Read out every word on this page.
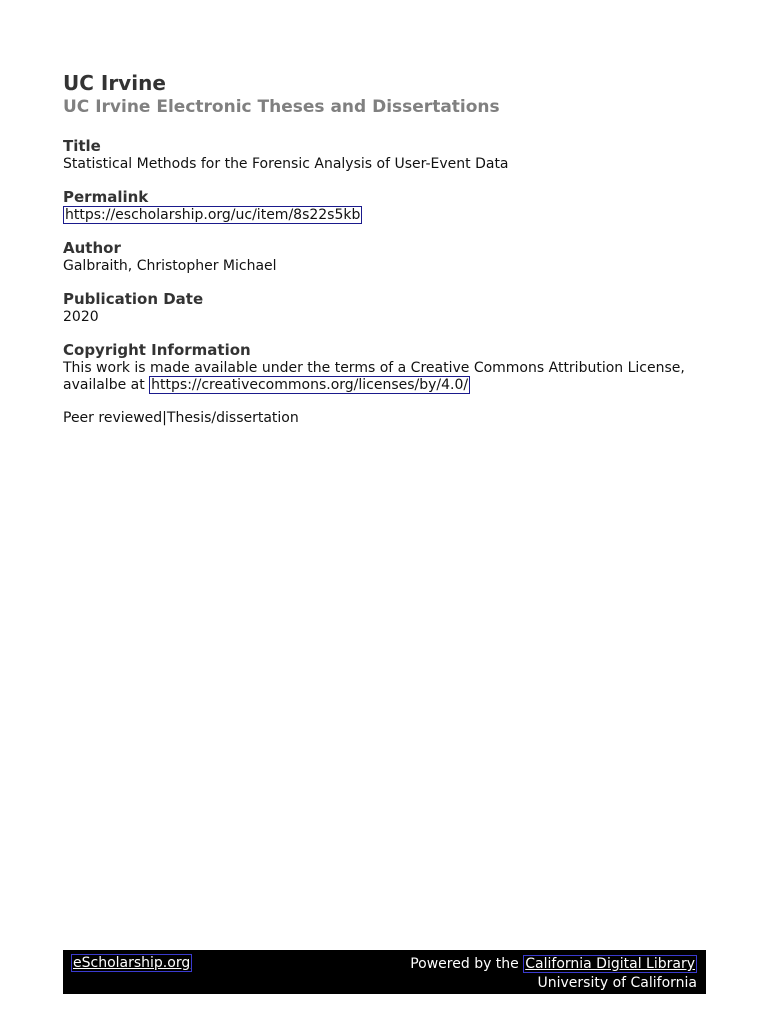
UC Irvine
UC Irvine Electronic Theses and Dissertations
Title
Statistical Methods for the Forensic Analysis of User-Event Data
Permalink
https://escholarship.org/uc/item/8s22s5kb
Author
Galbraith, Christopher Michael
Publication Date
2020
Copyright Information
This work is made available under the terms of a Creative Commons Attribution License,
availalbe at https://creativecommons.org/licenses/by/4.0/
Peer reviewed|Thesis/dissertation
eScholarship.org	Powered by the California Digital Library
University of California
